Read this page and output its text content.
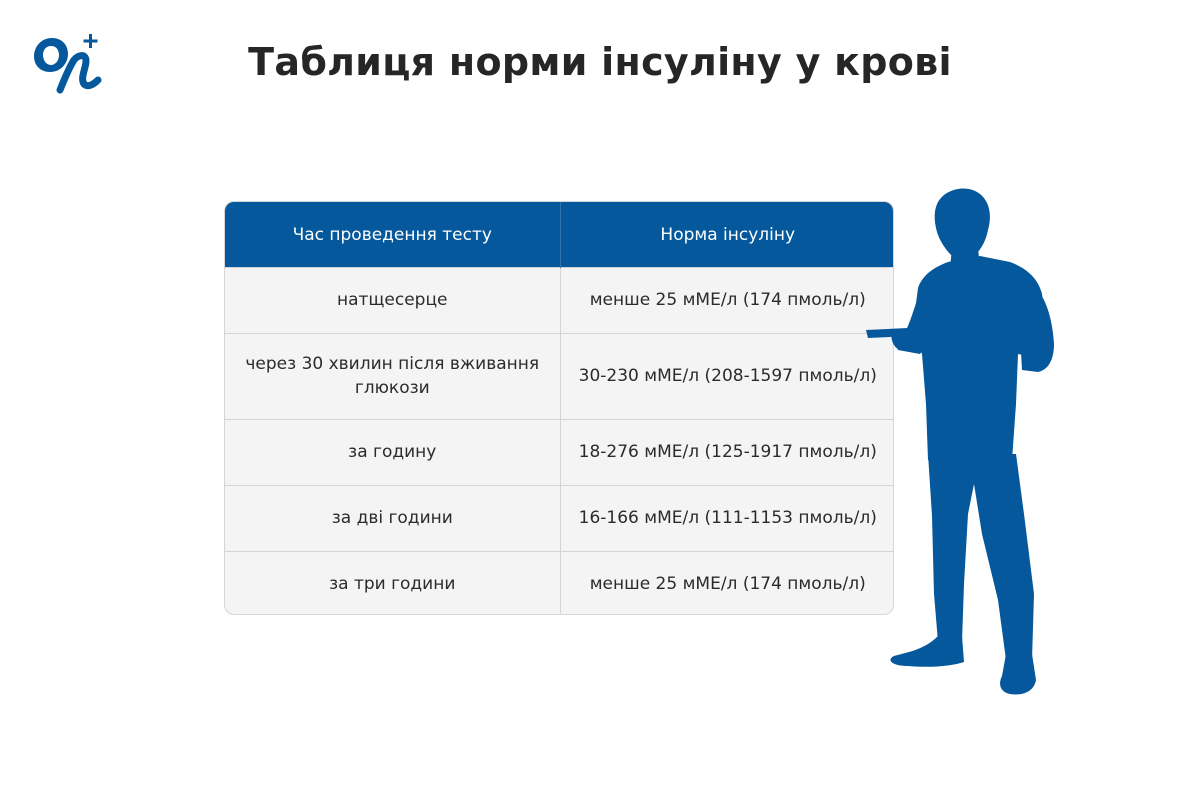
Таблиця норми інсуліну у крові
Час проведення тесту	Норма інсуліну
натщесерце	менше 25 мМЕ/л (174 пмоль/л)
через 30 хвилин після вживання глюкози	30-230 мМЕ/л (208-1597 пмоль/л)
за годину	18-276 мМЕ/л (125-1917 пмоль/л)
за дві години	16-166 мМЕ/л (111-1153 пмоль/л)
за три години	менше 25 мМЕ/л (174 пмоль/л)
